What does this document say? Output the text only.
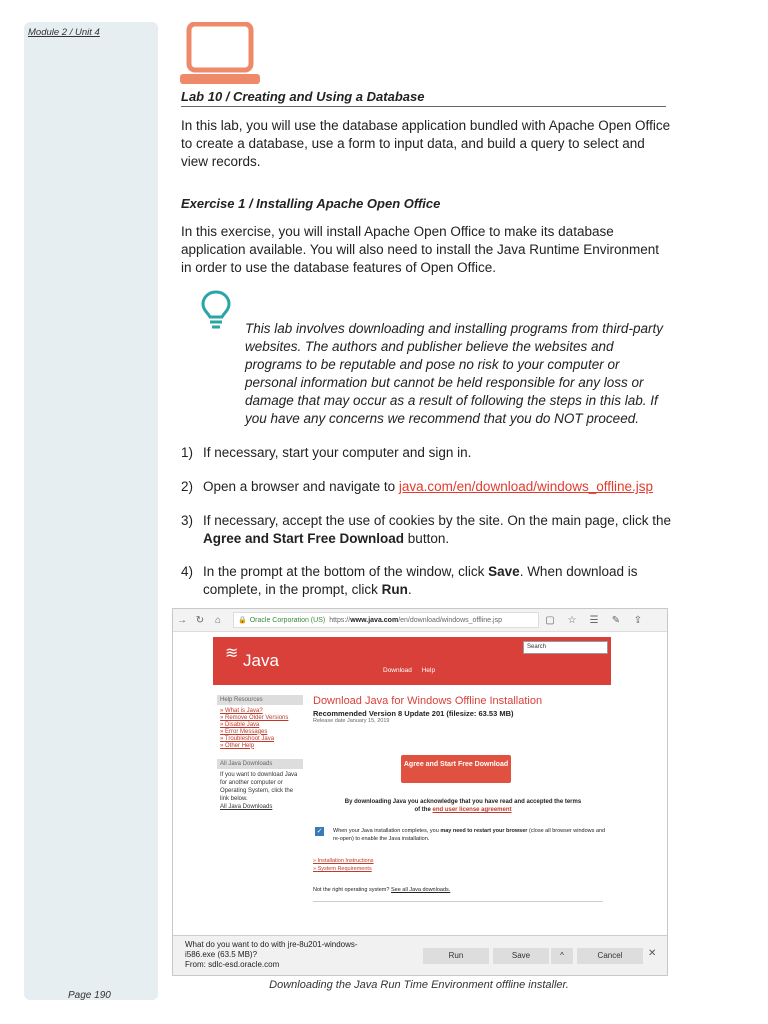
Module 2 / Unit 4
Page 190
Lab 10 / Creating and Using a Database
In this lab, you will use the database application bundled with Apache Open Office to create a database, use a form to input data, and build a query to select and view records.
Exercise 1 / Installing Apache Open Office
In this exercise, you will install Apache Open Office to make its database application available. You will also need to install the Java Runtime Environment in order to use the database features of Open Office.
This lab involves downloading and installing programs from third-party websites. The authors and publisher believe the websites and programs to be reputable and pose no risk to your computer or personal information but cannot be held responsible for any loss or damage that may occur as a result of following the steps in this lab. If you have any concerns we recommend that you do NOT proceed.
1) If necessary, start your computer and sign in.
2) Open a browser and navigate to java.com/en/download/windows_offline.jsp
3) If necessary, accept the use of cookies by the site. On the main page, click the Agree and Start Free Download button.
4) In the prompt at the bottom of the window, click Save. When download is complete, in the prompt, click Run.
→ ↻	⌂	🔒 Oracle Corporation (US) https://www.java.com/en/download/windows_offline.jsp	▢	☆	☰	✎	⇪
≋ Java
Search
Download Help
Help Resources
» What is Java?
» Remove Older Versions
» Disable Java
» Error Messages
» Troubleshoot Java
» Other Help
All Java Downloads
If you want to download Java for another computer or Operating System, click the link below.
All Java Downloads
Download Java for Windows Offline Installation
Recommended Version 8 Update 201 (filesize: 63.53 MB)
Release date January 15, 2019
Agree and Start Free Download
By downloading Java you acknowledge that you have read and accepted the terms of the end user license agreement
✓ When your Java installation completes, you may need to restart your browser (close all browser windows and re-open) to enable the Java installation.
» Installation Instructions
» System Requirements
Not the right operating system? See all Java downloads.
What do you want to do with jre-8u201-windows-i586.exe (63.5 MB)?
From: sdlc-esd.oracle.com
Run	Save	^	Cancel	✕
Downloading the Java Run Time Environment offline installer.
